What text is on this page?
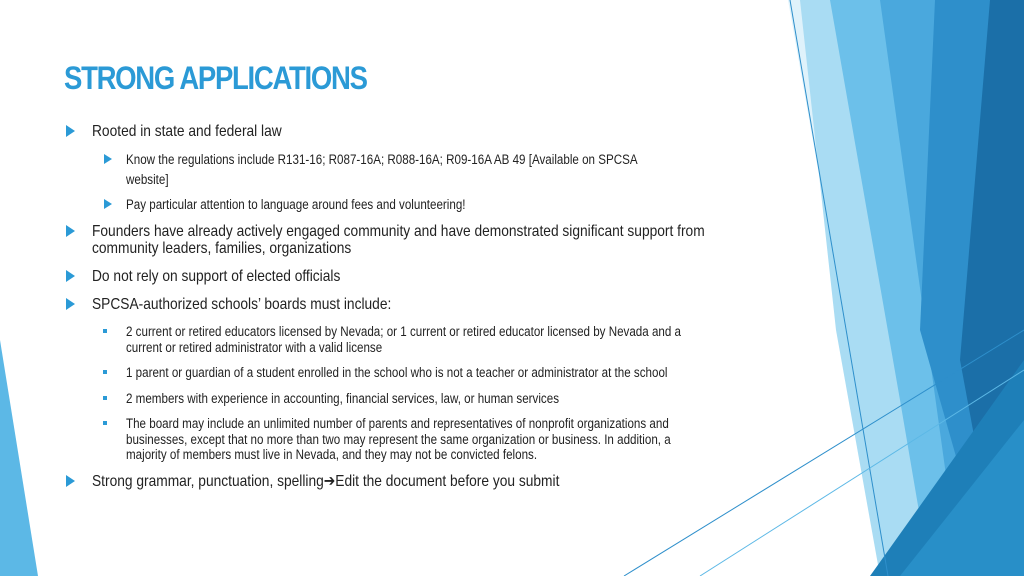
STRONG APPLICATIONS
Rooted in state and federal law
Know the regulations include R131-16; R087-16A; R088-16A; R09-16A AB 49 [Available on SPCSA
website]
Pay particular attention to language around fees and volunteering!
Founders have already actively engaged community and have demonstrated significant support from
community leaders, families, organizations
Do not rely on support of elected officials
SPCSA-authorized schools’ boards must include:
2 current or retired educators licensed by Nevada; or 1 current or retired educator licensed by Nevada and a
current or retired administrator with a valid license
1 parent or guardian of a student enrolled in the school who is not a teacher or administrator at the school
2 members with experience in accounting, financial services, law, or human services
The board may include an unlimited number of parents and representatives of nonprofit organizations and
businesses, except that no more than two may represent the same organization or business. In addition, a
majority of members must live in Nevada, and they may not be convicted felons.
Strong grammar, punctuation, spelling➔Edit the document before you submit
